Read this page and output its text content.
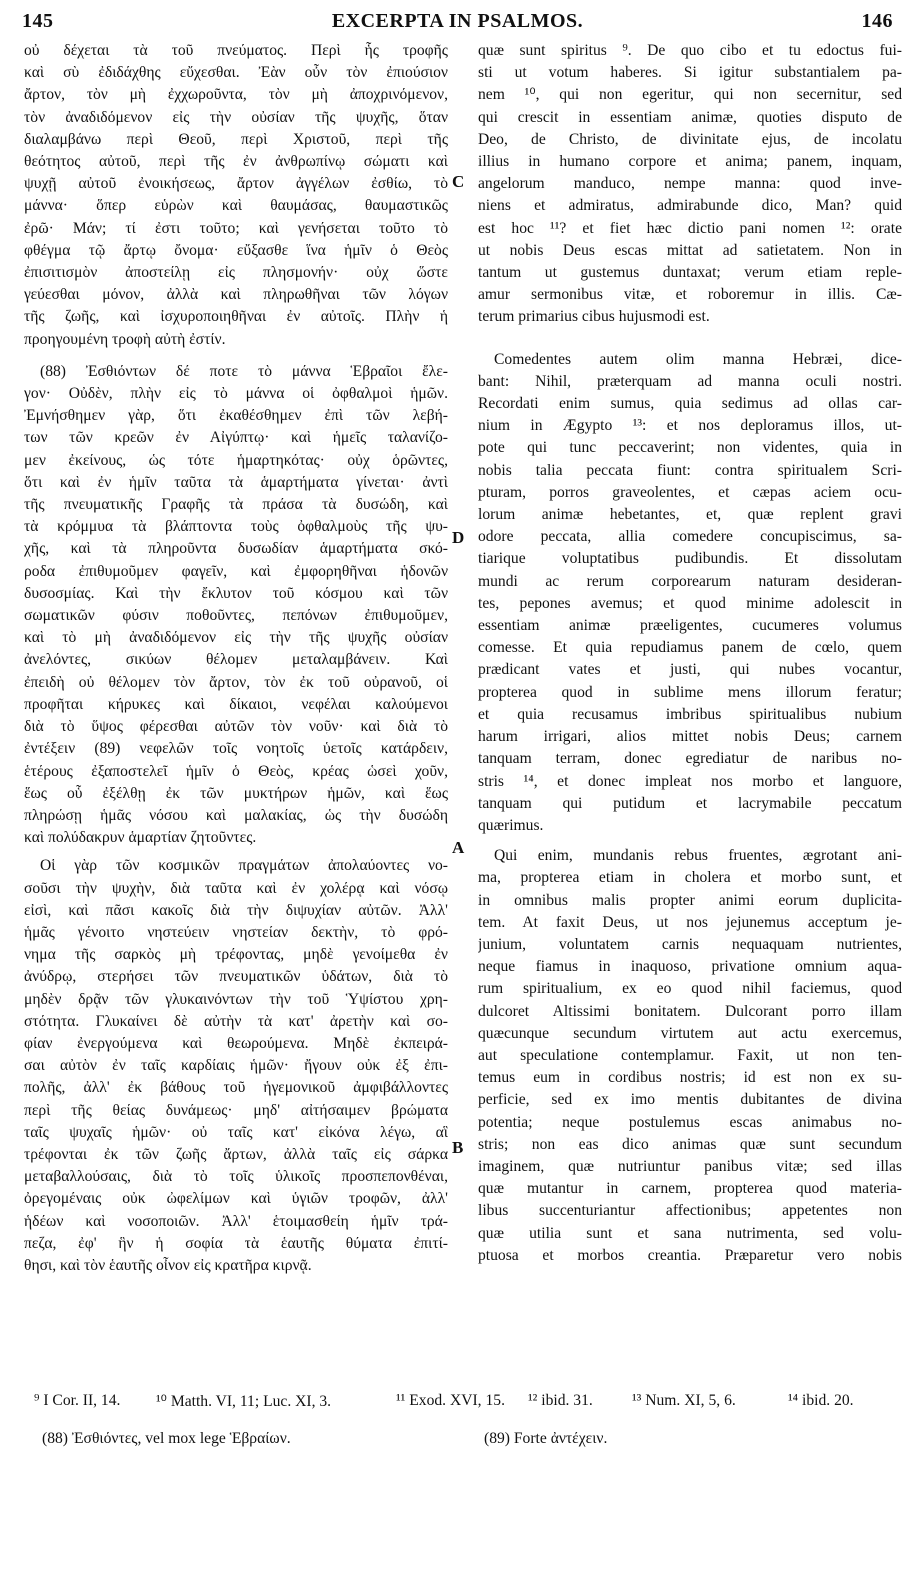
145	EXCERPTA IN PSALMOS.	146
οὐ δέχεται τὰ τοῦ πνεύματος. Περὶ ἧς τροφῆς
καὶ σὺ ἐδιδάχθης εὔχεσθαι. Ἐὰν οὖν τὸν ἐπιούσιον
ἄρτον, τὸν μὴ ἐχχωροῦντα, τὸν μὴ ἀποχρινόμενον,
τὸν ἀναδιδόμενον εἰς τὴν οὐσίαν τῆς ψυχῆς, ὅταν
διαλαμβάνω περὶ Θεοῦ, περὶ Χριστοῦ, περὶ τῆς
θεότητος αὐτοῦ, περὶ τῆς ἐν ἀνθρωπίνῳ σώματι καὶ
ψυχῇ αὐτοῦ ἐνοικήσεως, ἄρτον ἀγγέλων ἐσθίω, τὸ
μάννα· ὅπερ εὑρὼν καὶ θαυμάσας, θαυμαστικῶς
ἐρῶ· Μάν; τί ἐστι τοῦτο; καὶ γενήσεται τοῦτο τὸ
φθέγμα τῷ ἄρτῳ ὄνομα· εὔξασθε ἵνα ἡμῖν ὁ Θεὸς
ἐπισιτισμὸν ἀποστείλῃ εἰς πλησμονήν· οὐχ ὥστε
γεύεσθαι μόνον, ἀλλὰ καὶ πληρωθῆναι τῶν λόγων
τῆς ζωῆς, καὶ ἰσχυροποιηθῆναι ἐν αὐτοῖς. Πλὴν ἡ
προηγουμένη τροφὴ αὐτὴ ἐστίν.
(88) Ἐσθιόντων δέ ποτε τὸ μάννα Ἑβραῖοι ἔλε-
γον· Οὐδὲν, πλὴν εἰς τὸ μάννα οἱ ὀφθαλμοὶ ἡμῶν.
Ἐμνήσθημεν γὰρ, ὅτι ἐκαθέσθημεν ἐπὶ τῶν λεβή-
των τῶν κρεῶν ἐν Αἰγύπτῳ· καὶ ἡμεῖς ταλανίζο-
μεν ἐκείνους, ὡς τότε ἡμαρτηκότας· οὐχ ὁρῶντες,
ὅτι καὶ ἐν ἡμῖν ταῦτα τὰ ἁμαρτήματα γίνεται· ἀντὶ
τῆς πνευματικῆς Γραφῆς τὰ πράσα τὰ δυσώδη, καὶ
τὰ κρόμμυα τὰ βλάπτοντα τοὺς ὀφθαλμοὺς τῆς ψυ-
χῆς, καὶ τὰ πληροῦντα δυσωδίαν ἁμαρτήματα σκό-
ροδα ἐπιθυμοῦμεν φαγεῖν, καὶ ἐμφορηθῆναι ἡδονῶν
δυσοσμίας. Καὶ τὴν ἔκλυτον τοῦ κόσμου καὶ τῶν
σωματικῶν φύσιν ποθοῦντες, πεπόνων ἐπιθυμοῦμεν,
καὶ τὸ μὴ ἀναδιδόμενον εἰς τὴν τῆς ψυχῆς οὐσίαν
ἀνελόντες, σικύων θέλομεν μεταλαμβάνειν. Καὶ
ἐπειδὴ οὐ θέλομεν τὸν ἄρτον, τὸν ἐκ τοῦ οὐρανοῦ, οἱ
προφῆται κήρυκες καὶ δίκαιοι, νεφέλαι καλούμενοι
διὰ τὸ ὕψος φέρεσθαι αὐτῶν τὸν νοῦν· καὶ διὰ τὸ
ἐντέξειν (89) νεφελῶν τοῖς νοητοῖς ὑετοῖς κατάρδειν,
ἑτέρους ἐξαποστελεῖ ἡμῖν ὁ Θεὸς, κρέας ὡσεὶ χοῦν,
ἕως οὗ ἐξέλθῃ ἐκ τῶν μυκτήρων ἡμῶν, καὶ ἕως
πληρώσῃ ἡμᾶς νόσου καὶ μαλακίας, ὡς τὴν δυσώδη
καὶ πολύδακρυν ἁμαρτίαν ζητοῦντες.
Οἱ γὰρ τῶν κοσμικῶν πραγμάτων ἀπολαύοντες νο-
σοῦσι τὴν ψυχὴν, διὰ ταῦτα καὶ ἐν χολέρᾳ καὶ νόσῳ
εἰσὶ, καὶ πᾶσι κακοῖς διὰ τὴν διψυχίαν αὐτῶν. Ἀλλ'
ἡμᾶς γένοιτο νηστεύειν νηστείαν δεκτὴν, τὸ φρό-
νημα τῆς σαρκὸς μὴ τρέφοντας, μηδὲ γενοίμεθα ἐν
ἀνύδρῳ, στερήσει τῶν πνευματικῶν ὑδάτων, διὰ τὸ
μηδὲν δρᾷν τῶν γλυκαινόντων τὴν τοῦ Ὑψίστου χρη-
στότητα. Γλυκαίνει δὲ αὐτὴν τὰ κατ' ἀρετὴν καὶ σο-
φίαν ἐνεργούμενα καὶ θεωρούμενα. Μηδὲ ἐκπειρά-
σαι αὐτὸν ἐν ταῖς καρδίαις ἡμῶν· ἤγουν οὐκ ἐξ ἐπι-
πολῆς, ἀλλ' ἐκ βάθους τοῦ ἡγεμονικοῦ ἀμφιβάλλοντες
περὶ τῆς θείας δυνάμεως· μηδ' αἰτήσαιμεν βρώματα
ταῖς ψυχαῖς ἡμῶν· οὐ ταῖς κατ' εἰκόνα λέγω, αἳ
τρέφονται ἐκ τῶν ζωῆς ἄρτων, ἀλλὰ ταῖς εἰς σάρκα
μεταβαλλούσαις, διὰ τὸ τοῖς ὑλικοῖς προσπεπονθέναι,
ὀρεγομέναις οὐκ ὠφελίμων καὶ ὑγιῶν τροφῶν, ἀλλ'
ἡδέων καὶ νοσοποιῶν. Ἀλλ' ἑτοιμασθείη ἡμῖν τρά-
πεζα, ἐφ' ἣν ἡ σοφία τὰ ἑαυτῆς θύματα ἐπιτί-
θησι, καὶ τὸν ἑαυτῆς οἶνον εἰς κρατῆρα κιρνᾷ.
quæ sunt spiritus ⁹. De quo cibo et tu edoctus fui-
sti ut votum haberes. Si igitur substantialem pa-
nem ¹⁰, qui non egeritur, qui non secernitur, sed
qui crescit in essentiam animæ, quoties disputo de
Deo, de Christo, de divinitate ejus, de incolatu
illius in humano corpore et anima; panem, inquam,
angelorum manduco, nempe manna: quod inve-
niens et admiratus, admirabunde dico, Man? quid
est hoc ¹¹? et fiet hæc dictio pani nomen ¹²: orate
ut nobis Deus escas mittat ad satietatem. Non in
tantum ut gustemus duntaxat; verum etiam reple-
amur sermonibus vitæ, et roboremur in illis. Cæ-
terum primarius cibus hujusmodi est.
Comedentes autem olim manna Hebræi, dice-
bant: Nihil, præterquam ad manna oculi nostri.
Recordati enim sumus, quia sedimus ad ollas car-
nium in Ægypto ¹³: et nos deploramus illos, ut-
pote qui tunc peccaverint; non videntes, quia in
nobis talia peccata fiunt: contra spiritualem Scri-
pturam, porros graveolentes, et cæpas aciem ocu-
lorum animæ hebetantes, et, quæ replent gravi
odore peccata, allia comedere concupiscimus, sa-
tiarique voluptatibus pudibundis. Et dissolutam
mundi ac rerum corporearum naturam desideran-
tes, pepones avemus; et quod minime adolescit in
essentiam animæ præeligentes, cucumeres volumus
comesse. Et quia repudiamus panem de cœlo, quem
prædicant vates et justi, qui nubes vocantur,
propterea quod in sublime mens illorum feratur;
et quia recusamus imbribus spiritualibus nubium
harum irrigari, alios mittet nobis Deus; carnem
tanquam terram, donec egrediatur de naribus no-
stris ¹⁴, et donec impleat nos morbo et languore,
tanquam qui putidum et lacrymabile peccatum
quærimus.
Qui enim, mundanis rebus fruentes, ægrotant ani-
ma, propterea etiam in cholera et morbo sunt, et
in omnibus malis propter animi eorum duplicita-
tem. At faxit Deus, ut nos jejunemus acceptum je-
junium, voluntatem carnis nequaquam nutrientes,
neque fiamus in inaquoso, privatione omnium aqua-
rum spiritualium, ex eo quod nihil faciemus, quod
dulcoret Altissimi bonitatem. Dulcorant porro illam
quæcunque secundum virtutem aut actu exercemus,
aut speculatione contemplamur. Faxit, ut non ten-
temus eum in cordibus nostris; id est non ex su-
perficie, sed ex imo mentis dubitantes de divina
potentia; neque postulemus escas animabus no-
stris; non eas dico animas quæ sunt secundum
imaginem, quæ nutriuntur panibus vitæ; sed illas
quæ mutantur in carnem, propterea quod materia-
libus succenturiantur affectionibus; appetentes non
quæ utilia sunt et sana nutrimenta, sed volu-
ptuosa et morbos creantia. Præparetur vero nobis
C
D
A
B
⁹ I Cor. II, 14. ¹⁰ Matth. VI, 11; Luc. XI, 3.	¹¹ Exod. XVI, 15. ¹² ibid. 31.	¹³ Num. XI, 5, 6.	¹⁴ ibid. 20.
(88) Ἐσθιόντες, vel mox lege Ἑβραίων.	(89) Forte ἀντέχειν.
